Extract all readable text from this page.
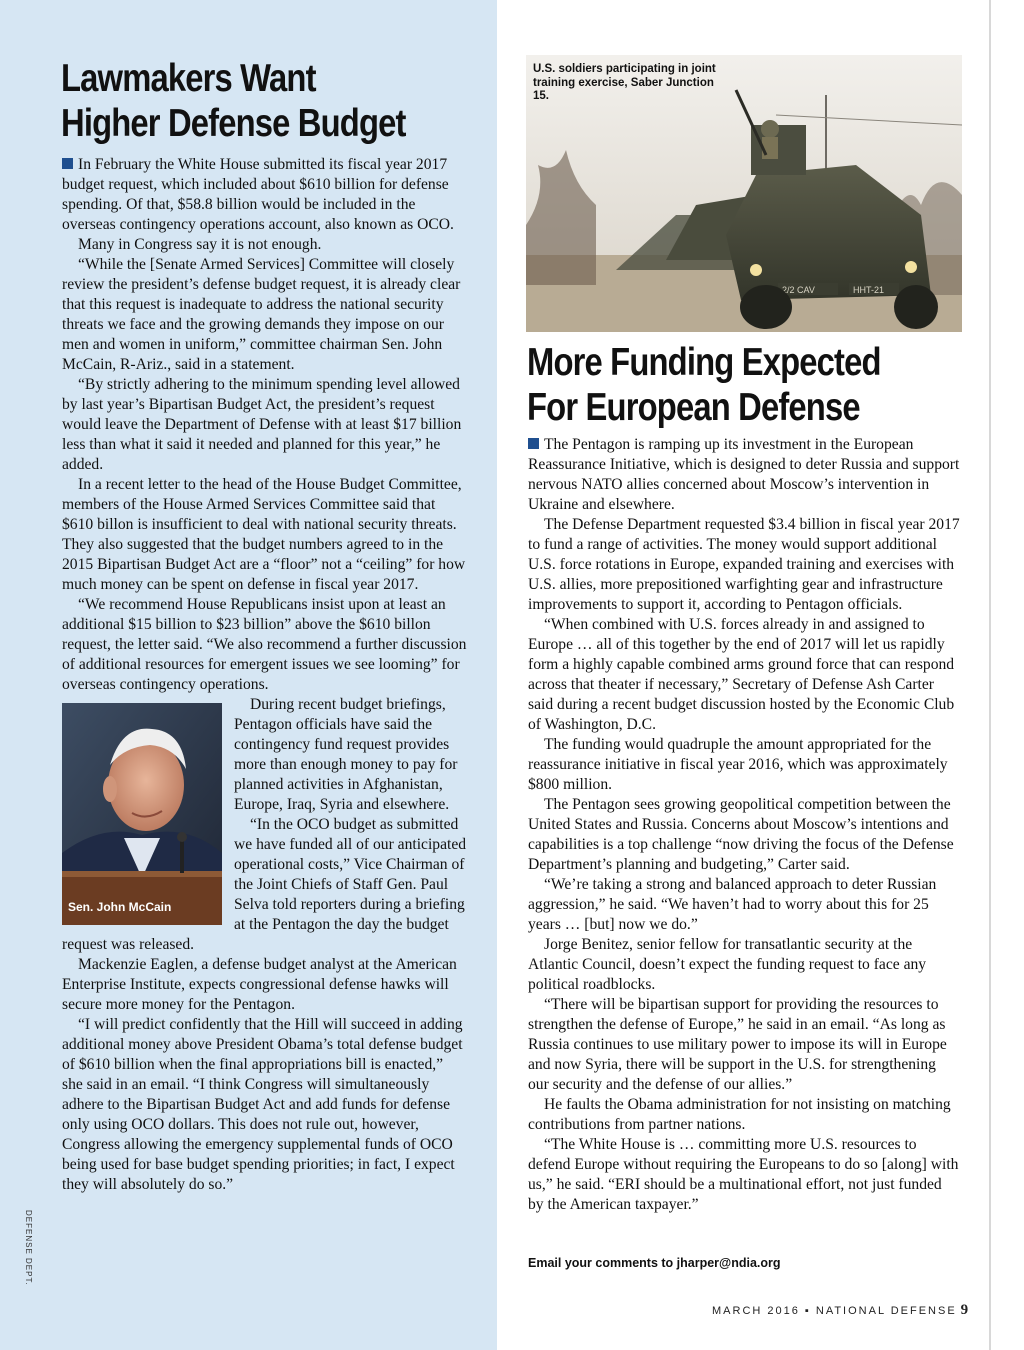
Lawmakers Want
Higher Defense Budget

In February the White House submitted its fiscal year 2017 budget request, which included about $610 billion for defense spending. Of that, $58.8 billion would be included in the overseas contingency operations account, also known as OCO.

Many in Congress say it is not enough.

“While the [Senate Armed Services] Committee will closely review the president’s defense budget request, it is already clear that this request is inadequate to address the national security threats we face and the growing demands they impose on our men and women in uniform,” committee chairman Sen. John McCain, R-Ariz., said in a statement.

“By strictly adhering to the minimum spending level allowed by last year’s Bipartisan Budget Act, the president’s request would leave the Department of Defense with at least $17 billion less than what it said it needed and planned for this year,” he added.

In a recent letter to the head of the House Budget Committee, members of the House Armed Services Committee said that $610 billon is insufficient to deal with national security threats. They also suggested that the budget numbers agreed to in the 2015 Bipartisan Budget Act are a “floor” not a “ceiling” for how much money can be spent on defense in fiscal year 2017.

“We recommend House Republicans insist upon at least an additional $15 billion to $23 billion” above the $610 billon request, the letter said. “We also recommend a further discussion of additional resources for emergent issues we see looming” for overseas contingency operations.

Sen. John McCain

During recent budget briefings, Pentagon officials have said the contingency fund request provides more than enough money to pay for planned activities in Afghanistan, Europe, Iraq, Syria and elsewhere.

“In the OCO budget as submitted we have funded all of our anticipated operational costs,” Vice Chairman of the Joint Chiefs of Staff Gen. Paul Selva told reporters during a briefing at the Pentagon the day the budget request was released.

Mackenzie Eaglen, a defense budget analyst at the American Enterprise Institute, expects congressional defense hawks will secure more money for the Pentagon.

“I will predict confidently that the Hill will succeed in adding additional money above President Obama’s total defense budget of $610 billion when the final appropriations bill is enacted,” she said in an email. “I think Congress will simultaneously adhere to the Bipartisan Budget Act and add funds for defense only using OCO dollars. This does not rule out, however, Congress allowing the emergency supplemental funds of OCO being used for base budget spending priorities; in fact, I expect they will absolutely do so.”

DEFENSE DEPT.
2/2 CAV	HHT-21
U.S. soldiers participating in joint training exercise, Saber Junction 15.
More Funding Expected
For European Defense

The Pentagon is ramping up its investment in the European Reassurance Initiative, which is designed to deter Russia and support nervous NATO allies concerned about Moscow’s intervention in Ukraine and elsewhere.

The Defense Department requested $3.4 billion in fiscal year 2017 to fund a range of activities. The money would support additional U.S. force rotations in Europe, expanded training and exercises with U.S. allies, more prepositioned warfighting gear and infrastructure improvements to support it, according to Pentagon officials.

“When combined with U.S. forces already in and assigned to Europe … all of this together by the end of 2017 will let us rapidly form a highly capable combined arms ground force that can respond across that theater if necessary,” Secretary of Defense Ash Carter said during a recent budget discussion hosted by the Economic Club of Washington, D.C.

The funding would quadruple the amount appropriated for the reassurance initiative in fiscal year 2016, which was approximately $800 million.

The Pentagon sees growing geopolitical competition between the United States and Russia. Concerns about Moscow’s intentions and capabilities is a top challenge “now driving the focus of the Defense Department’s planning and budgeting,” Carter said.

“We’re taking a strong and balanced approach to deter Russian aggression,” he said. “We haven’t had to worry about this for 25 years … [but] now we do.”

Jorge Benitez, senior fellow for transatlantic security at the Atlantic Council, doesn’t expect the funding request to face any political roadblocks.

“There will be bipartisan support for providing the resources to strengthen the defense of Europe,” he said in an email. “As long as Russia continues to use military power to impose its will in Europe and now Syria, there will be support in the U.S. for strengthening our security and the defense of our allies.”

He faults the Obama administration for not insisting on matching contributions from partner nations.

“The White House is … committing more U.S. resources to defend Europe without requiring the Europeans to do so [along] with us,” he said. “ERI should be a multinational effort, not just funded by the American taxpayer.”

Email your comments to jharper@ndia.org
MARCH 2016 ▪ NATIONAL DEFENSE 9
